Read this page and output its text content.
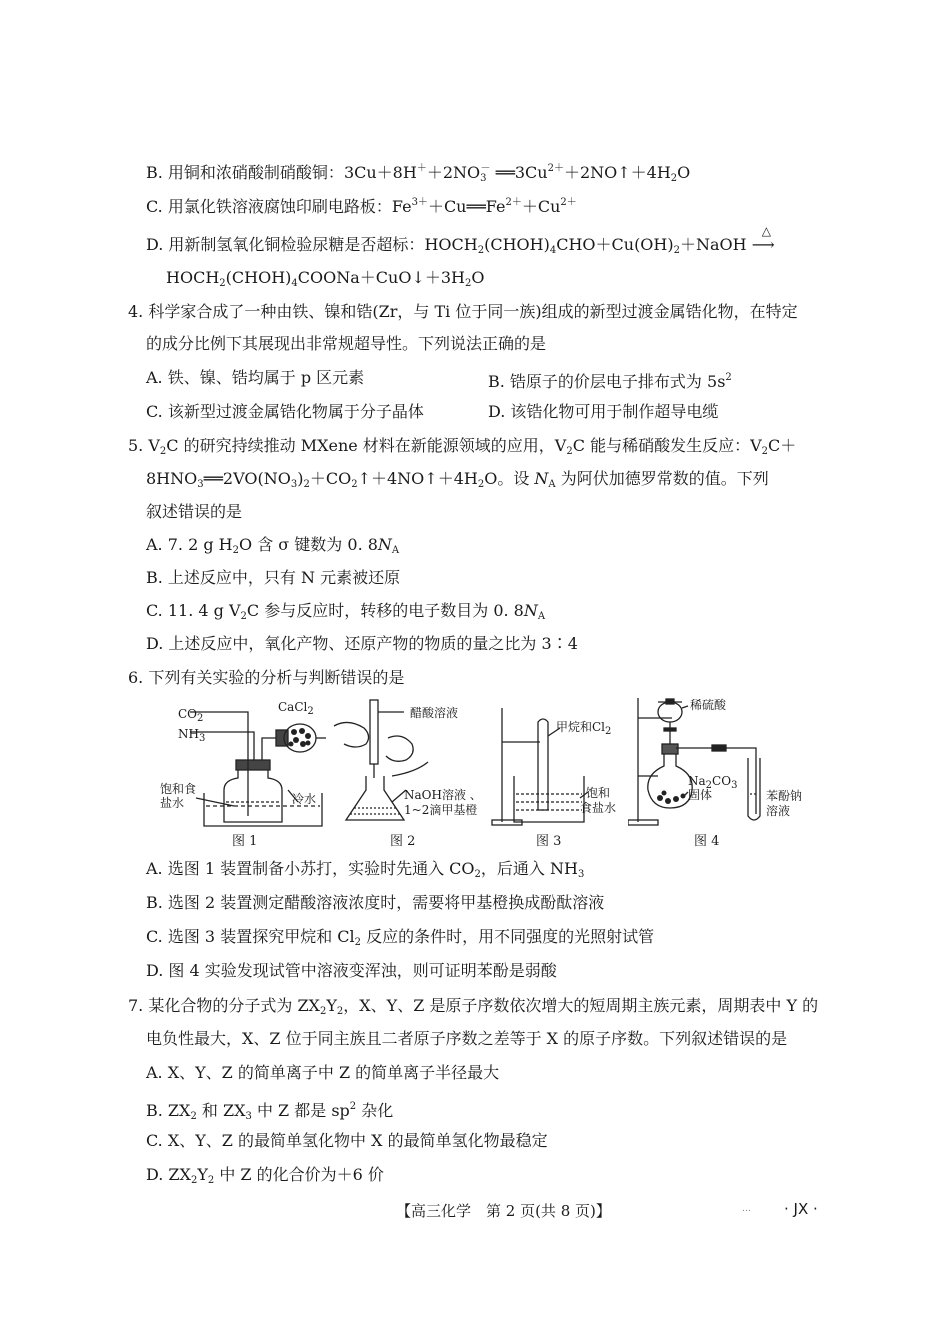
B. 用铜和浓硝酸制硝酸铜：$3Cu+8H^++2NO_3^-$ $══3Cu^{2+}+2NO↑+4H_2O$
C. 用氯化铁溶液腐蚀印刷电路板：$Fe^{3+}+Cu══Fe^{2+}+Cu^{2+}$
D. 用新制氢氧化铜检验尿糖是否超标：$HOCH_2(CHOH)_4CHO+Cu(OH)_2+NaOH$
△
⟶
$HOCH_2(CHOH)_4COONa+CuO↓+3H_2O$
4. 科学家合成了一种由铁、镍和锆(Zr，与 Ti 位于同一族)组成的新型过渡金属锆化物，在特定
的成分比例下其展现出非常规超导性。下列说法正确的是
A. 铁、镍、锆均属于 p 区元素	B. 锆原子的价层电子排布式为 $5s^2$
C. 该新型过渡金属锆化物属于分子晶体	D. 该锆化物可用于制作超导电缆
5. $V_2C$ 的研究持续推动 MXene 材料在新能源领域的应用，$V_2C$ 能与稀硝酸发生反应：$V_2C+$
$8HNO_3══2VO(NO_3)_2+CO_2↑+4NO↑+4H_2O$。设 $N_A$ 为阿伏加德罗常数的值。下列
叙述错误的是
A. 7. 2 g $H_2O$ 含 σ 键数为 0. $8N_A$
B. 上述反应中，只有 N 元素被还原
C. 11. 4 g $V_2C$ 参与反应时，转移的电子数目为 0. $8N_A$
D. 上述反应中，氧化产物、还原产物的物质的量之比为 3∶4
6. 下列有关实验的分析与判断错误的是
$CO_2$
$NH_3$
CaCl$_2$
饱和食
盐水	冷水
图 1
醋酸溶液
NaOH溶液 、
1~2滴甲基橙
图 2
甲烷和$Cl_2$
饱和
食盐水
图 3
稀硫酸
$Na_2CO_3$
固体	苯酚钠
溶液
图 4
A. 选图 1 装置制备小苏打，实验时先通入 $CO_2$，后通入 $NH_3$
B. 选图 2 装置测定醋酸溶液浓度时，需要将甲基橙换成酚酞溶液
C. 选图 3 装置探究甲烷和 $Cl_2$ 反应的条件时，用不同强度的光照射试管
D. 图 4 实验发现试管中溶液变浑浊，则可证明苯酚是弱酸
7. 某化合物的分子式为 $ZX_2Y_2$，X、Y、Z 是原子序数依次增大的短周期主族元素，周期表中 Y 的
电负性最大，X、Z 位于同主族且二者原子序数之差等于 X 的原子序数。下列叙述错误的是
A. X、Y、Z 的简单离子中 Z 的简单离子半径最大
B. $ZX_2$ 和 $ZX_3$ 中 Z 都是 $sp^2$ 杂化
C. X、Y、Z 的最简单氢化物中 X 的最简单氢化物最稳定
D. $ZX_2Y_2$ 中 Z 的化合价为＋6 价
【高三化学　第 2 页(共 8 页)】	… · JX ·
